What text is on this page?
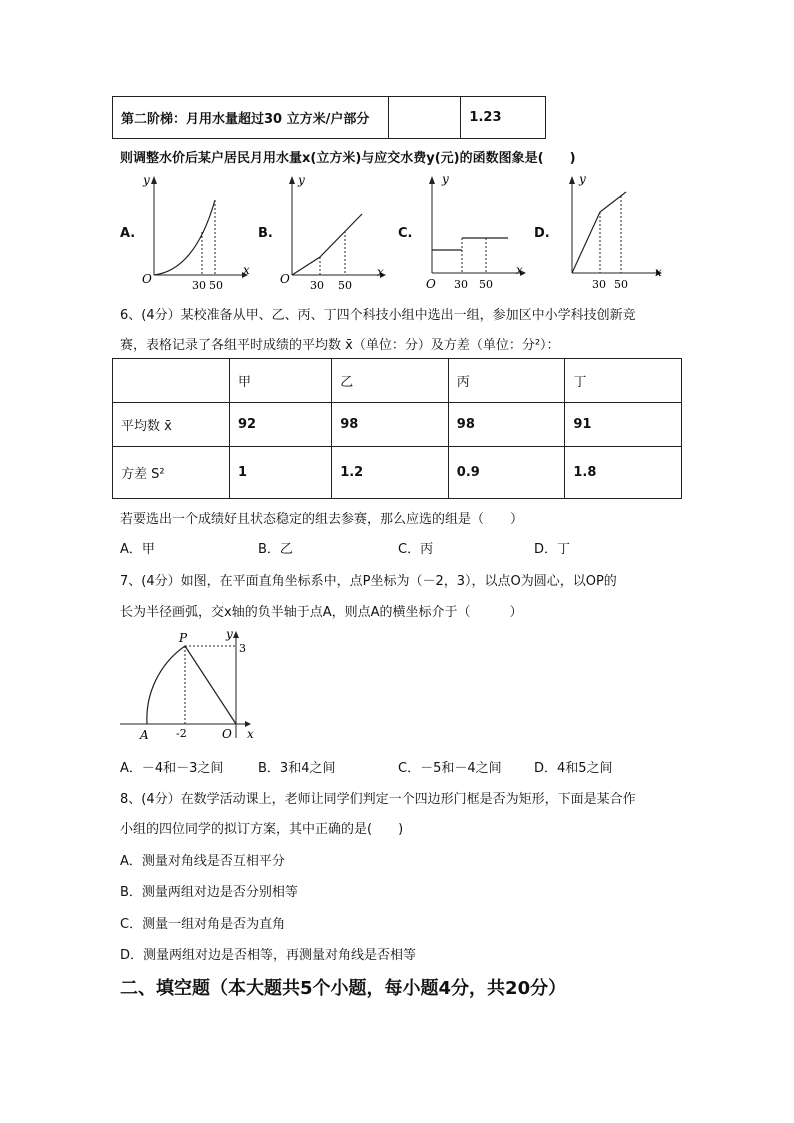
第二阶梯：月用水量超过30 立方米/户部分		1.23
则调整水价后某户居民月用水量x(立方米)与应交水费y(元)的函数图象是(　　)
A.	B.	C.	D.
O
x
y
30 50	O	x
y
30 50
y
x
O 30 50
y
x
30 50
6、(4分）某校准备从甲、乙、丙、丁四个科技小组中选出一组，参加区中小学科技创新竞
赛，表格记录了各组平时成绩的平均数 x̄（单位：分）及方差（单位：分²）：
	甲	乙	丙	丁
平均数 x̄	92	98	98	91
方差 S²	1	1.2	0.9	1.8
若要选出一个成绩好且状态稳定的组去参赛，那么应选的组是（　　）
A．甲	B．乙	C．丙	D．丁
7、(4分）如图，在平面直角坐标系中，点P坐标为（－2，3），以点O为圆心，以OP的
长为半径画弧，交x轴的负半轴于点A，则点A的横坐标介于（　　　）
P	y
3
A -2	O x
A．－4和－3之间	B．3和4之间	C．－5和－4之间 D．4和5之间
8、(4分）在数学活动课上，老师让同学们判定一个四边形门框是否为矩形，下面是某合作
小组的四位同学的拟订方案，其中正确的是(　　)
A．测量对角线是否互相平分
B．测量两组对边是否分别相等
C．测量一组对角是否为直角
D．测量两组对边是否相等，再测量对角线是否相等
二、填空题（本大题共5个小题，每小题4分，共20分）
